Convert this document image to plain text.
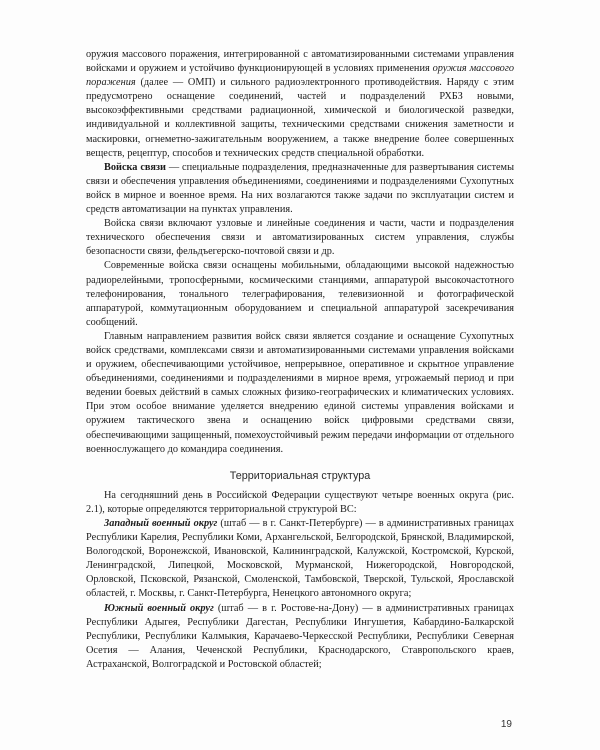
оружия массового поражения, интегрированной с автоматизированными системами управления войсками и оружием и устойчиво функционирующей в условиях применения оружия массового поражения (далее — ОМП) и сильного радиоэлектронного противодействия. Наряду с этим предусмотрено оснащение соединений, частей и подразделений РХБЗ новыми, высокоэффективными средствами радиационной, химической и биологической разведки, индивидуальной и коллективной защиты, техническими средствами снижения заметности и маскировки, огнеметно-зажигательным вооружением, а также внедрение более совершенных веществ, рецептур, способов и технических средств специальной обработки.

Войска связи — специальные подразделения, предназначенные для развертывания системы связи и обеспечения управления объединениями, соединениями и подразделениями Сухопутных войск в мирное и военное время. На них возлагаются также задачи по эксплуатации систем и средств автоматизации на пунктах управления.

Войска связи включают узловые и линейные соединения и части, части и подразделения технического обеспечения связи и автоматизированных систем управления, службы безопасности связи, фельдъегерско-почтовой связи и др.

Современные войска связи оснащены мобильными, обладающими высокой надежностью радиорелейными, тропосферными, космическими станциями, аппаратурой высокочастотного телефонирования, тонального телеграфирования, телевизионной и фотографической аппаратурой, коммутационным оборудованием и специальной аппаратурой засекречивания сообщений.

Главным направлением развития войск связи является создание и оснащение Сухопутных войск средствами, комплексами связи и автоматизированными системами управления войсками и оружием, обеспечивающими устойчивое, непрерывное, оперативное и скрытное управление объединениями, соединениями и подразделениями в мирное время, угрожаемый период и при ведении боевых действий в самых сложных физико-географических и климатических условиях. При этом особое внимание уделяется внедрению единой системы управления войсками и оружием тактического звена и оснащению войск цифровыми средствами связи, обеспечивающими защищенный, помехоустойчивый режим передачи информации от отдельного военнослужащего до командира соединения.

Территориальная структура

На сегодняшний день в Российской Федерации существуют четыре военных округа (рис. 2.1), которые определяются территориальной структурой ВС:

Западный военный округ (штаб — в г. Санкт-Петербурге) — в административных границах Республики Карелия, Республики Коми, Архангельской, Белгородской, Брянской, Владимирской, Вологодской, Воронежской, Ивановской, Калининградской, Калужской, Костромской, Курской, Ленинградской, Липецкой, Московской, Мурманской, Нижегородской, Новгородской, Орловской, Псковской, Рязанской, Смоленской, Тамбовской, Тверской, Тульской, Ярославской областей, г. Москвы, г. Санкт-Петербурга, Ненецкого автономного округа;

Южный военный округ (штаб — в г. Ростове-на-Дону) — в административных границах Республики Адыгея, Республики Дагестан, Республики Ингушетия, Кабардино-Балкарской Республики, Республики Калмыкия, Карачаево-Черкесской Республики, Республики Северная Осетия — Алания, Чеченской Республики, Краснодарского, Ставропольского краев, Астраханской, Волгоградской и Ростовской областей;

19
